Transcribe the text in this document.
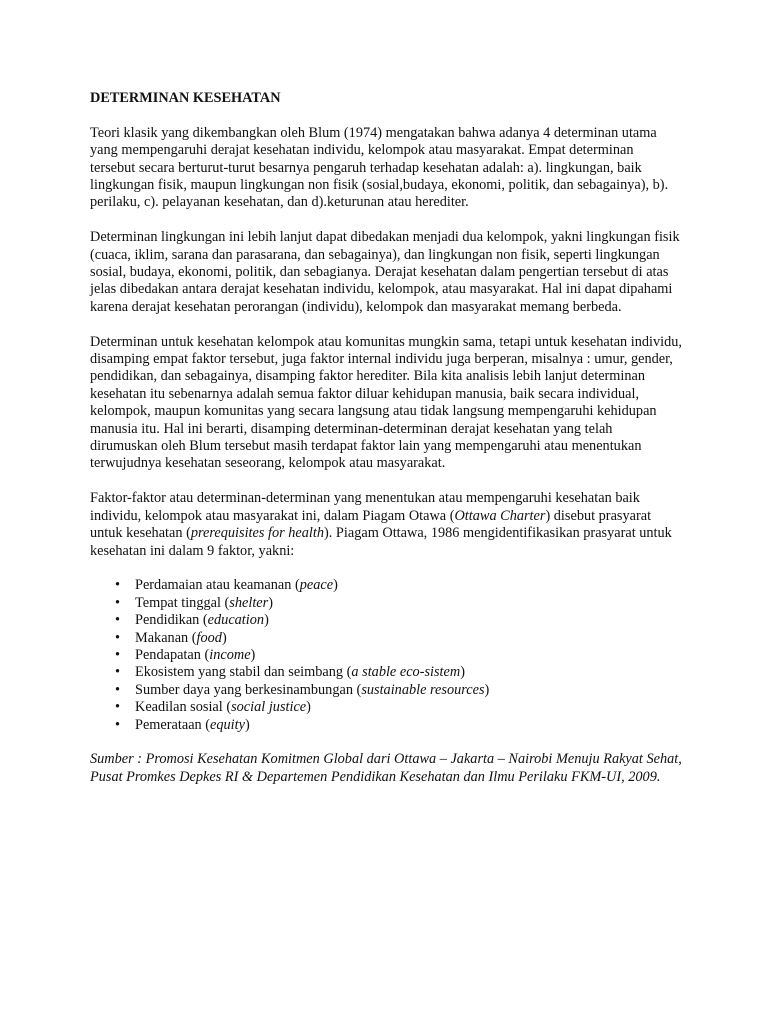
DETERMINAN KESEHATAN

Teori klasik yang dikembangkan oleh Blum (1974) mengatakan bahwa adanya 4 determinan utama yang mempengaruhi derajat kesehatan individu, kelompok atau masyarakat. Empat determinan tersebut secara berturut-turut besarnya pengaruh terhadap kesehatan adalah: a). lingkungan, baik lingkungan fisik, maupun lingkungan non fisik (sosial,budaya, ekonomi, politik, dan sebagainya), b). perilaku, c). pelayanan kesehatan, dan d).keturunan atau herediter.

Determinan lingkungan ini lebih lanjut dapat dibedakan menjadi dua kelompok, yakni lingkungan fisik (cuaca, iklim, sarana dan parasarana, dan sebagainya), dan lingkungan non fisik, seperti lingkungan sosial, budaya, ekonomi, politik, dan sebagianya. Derajat kesehatan dalam pengertian tersebut di atas jelas dibedakan antara derajat kesehatan individu, kelompok, atau masyarakat. Hal ini dapat dipahami karena derajat kesehatan perorangan (individu), kelompok dan masyarakat memang berbeda.

Determinan untuk kesehatan kelompok atau komunitas mungkin sama, tetapi untuk kesehatan individu, disamping empat faktor tersebut, juga faktor internal individu juga berperan, misalnya : umur, gender, pendidikan, dan sebagainya, disamping faktor herediter. Bila kita analisis lebih lanjut determinan kesehatan itu sebenarnya adalah semua faktor diluar kehidupan manusia, baik secara individual, kelompok, maupun komunitas yang secara langsung atau tidak langsung mempengaruhi kehidupan manusia itu. Hal ini berarti, disamping determinan-determinan derajat kesehatan yang telah dirumuskan oleh Blum tersebut masih terdapat faktor lain yang mempengaruhi atau menentukan terwujudnya kesehatan seseorang, kelompok atau masyarakat.

Faktor-faktor atau determinan-determinan yang menentukan atau mempengaruhi kesehatan baik individu, kelompok atau masyarakat ini, dalam Piagam Otawa (Ottawa Charter) disebut prasyarat untuk kesehatan (prerequisites for health). Piagam Ottawa, 1986 mengidentifikasikan prasyarat untuk kesehatan ini dalam 9 faktor, yakni:

• Perdamaian atau keamanan (peace)
• Tempat tinggal (shelter)
• Pendidikan (education)
• Makanan (food)
• Pendapatan (income)
• Ekosistem yang stabil dan seimbang (a stable eco-sistem)
• Sumber daya yang berkesinambungan (sustainable resources)
• Keadilan sosial (social justice)
• Pemerataan (equity)

Sumber : Promosi Kesehatan Komitmen Global dari Ottawa – Jakarta – Nairobi Menuju Rakyat Sehat, Pusat Promkes Depkes RI & Departemen Pendidikan Kesehatan dan Ilmu Perilaku FKM-UI, 2009.
